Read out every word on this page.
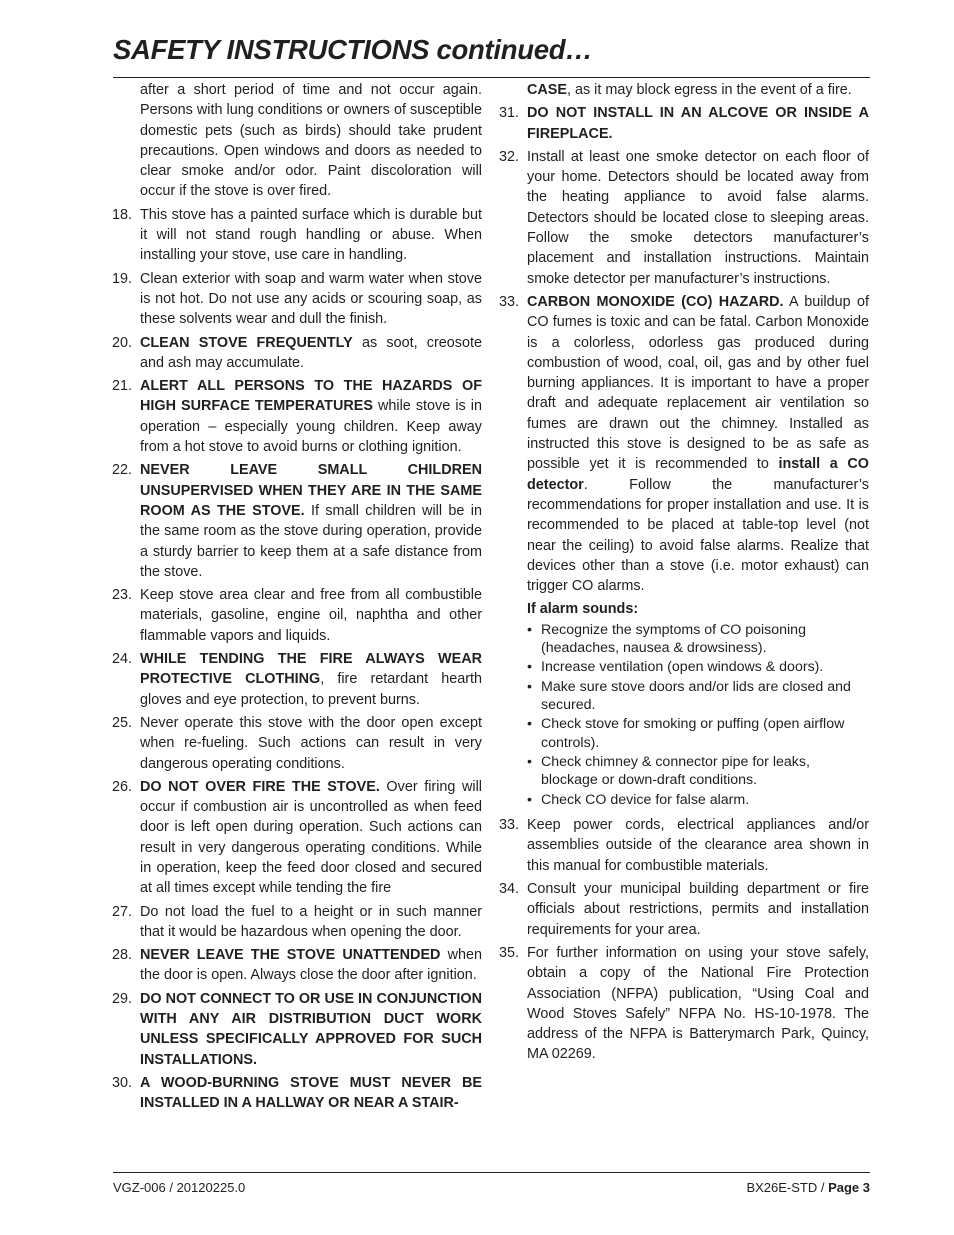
SAFETY INSTRUCTIONS continued…
after a short period of time and not occur again. Persons with lung conditions or owners of susceptible domestic pets (such as birds) should take prudent precautions. Open windows and doors as needed to clear smoke and/or odor. Paint discoloration will occur if the stove is over fired.
18. This stove has a painted surface which is durable but it will not stand rough handling or abuse. When installing your stove, use care in handling.
19. Clean exterior with soap and warm water when stove is not hot. Do not use any acids or scouring soap, as these solvents wear and dull the finish.
20. CLEAN STOVE FREQUENTLY as soot, creosote and ash may accumulate.
21. ALERT ALL PERSONS TO THE HAZARDS OF HIGH SURFACE TEMPERATURES while stove is in operation – especially young children. Keep away from a hot stove to avoid burns or clothing ignition.
22. NEVER LEAVE SMALL CHILDREN UNSUPERVISED WHEN THEY ARE IN THE SAME ROOM AS THE STOVE. If small children will be in the same room as the stove during operation, provide a sturdy barrier to keep them at a safe distance from the stove.
23. Keep stove area clear and free from all combustible materials, gasoline, engine oil, naphtha and other flammable vapors and liquids.
24. WHILE TENDING THE FIRE ALWAYS WEAR PROTECTIVE CLOTHING, fire retardant hearth gloves and eye protection, to prevent burns.
25. Never operate this stove with the door open except when re-fueling. Such actions can result in very dangerous operating conditions.
26. DO NOT OVER FIRE THE STOVE. Over firing will occur if combustion air is uncontrolled as when feed door is left open during operation. Such actions can result in very dangerous operating conditions. While in operation, keep the feed door closed and secured at all times except while tending the fire
27. Do not load the fuel to a height or in such manner that it would be hazardous when opening the door.
28. NEVER LEAVE THE STOVE UNATTENDED when the door is open. Always close the door after ignition.
29. DO NOT CONNECT TO OR USE IN CONJUNCTION WITH ANY AIR DISTRIBUTION DUCT WORK UNLESS SPECIFICALLY APPROVED FOR SUCH INSTALLATIONS.
30. A WOOD-BURNING STOVE MUST NEVER BE INSTALLED IN A HALLWAY OR NEAR A STAIR-
CASE, as it may block egress in the event of a fire.
31. DO NOT INSTALL IN AN ALCOVE OR INSIDE A FIREPLACE.
32. Install at least one smoke detector on each floor of your home. Detectors should be located away from the heating appliance to avoid false alarms. Detectors should be located close to sleeping areas. Follow the smoke detectors manufacturer’s placement and installation instructions. Maintain smoke detector per manufacturer’s instructions.
33. CARBON MONOXIDE (CO) HAZARD. A buildup of CO fumes is toxic and can be fatal. Carbon Monoxide is a colorless, odorless gas produced during combustion of wood, coal, oil, gas and by other fuel burning appliances. It is important to have a proper draft and adequate replacement air ventilation so fumes are drawn out the chimney. Installed as instructed this stove is designed to be as safe as possible yet it is recommended to install a CO detector. Follow the manufacturer’s recommendations for proper installation and use. It is recommended to be placed at table-top level (not near the ceiling) to avoid false alarms. Realize that devices other than a stove (i.e. motor exhaust) can trigger CO alarms.
If alarm sounds:
• Recognize the symptoms of CO poisoning (headaches, nausea & drowsiness).
• Increase ventilation (open windows & doors).
• Make sure stove doors and/or lids are closed and secured.
• Check stove for smoking or puffing (open airflow controls).
• Check chimney & connector pipe for leaks, blockage or down-draft conditions.
• Check CO device for false alarm.
33. Keep power cords, electrical appliances and/or assemblies outside of the clearance area shown in this manual for combustible materials.
34. Consult your municipal building department or fire officials about restrictions, permits and installation requirements for your area.
35. For further information on using your stove safely, obtain a copy of the National Fire Protection Association (NFPA) publication, “Using Coal and Wood Stoves Safely” NFPA No. HS-10-1978. The address of the NFPA is Batterymarch Park, Quincy, MA 02269.
VGZ-006 / 20120225.0	BX26E-STD / Page 3
